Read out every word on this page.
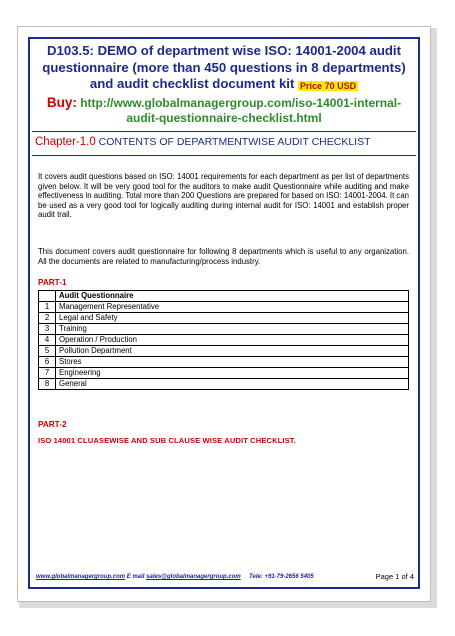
D103.5: DEMO of department wise ISO: 14001-2004 audit
questionnaire (more than 450 questions in 8 departments)
and audit checklist document kit Price 70 USD
Buy: http://www.globalmanagergroup.com/iso-14001-internal-
audit-questionnaire-checklist.html
Chapter-1.0 CONTENTS OF DEPARTMENTWISE AUDIT CHECKLIST
It covers audit questions based on ISO: 14001 requirements for each department as per list of departments given below. It will be very good tool for the auditors to make audit Questionnaire while auditing and make effectiveness in auditing. Total more than 200 Questions are prepared for based on ISO: 14001-2004. It can be used as a very good tool for logically auditing during internal audit for ISO: 14001 and establish proper audit trail.
This document covers audit questionnaire for following 8 departments which is useful to any organization. All the documents are related to manufacturing/process industry.
PART-1
	Audit Questionnaire
1	Management Representative
2	Legal and Safety
3	Training
4	Operation / Production
5	Pollution Department
6	Stores
7	Engineering
8	General
PART-2
ISO 14001 CLUASEWISE AND SUB CLAUSE WISE AUDIT CHECKLIST.
www.globalmanagergroup.com E mail sales@globalmanagergroup.com Tele: +91-79-2656 5405	Page 1 of 4
